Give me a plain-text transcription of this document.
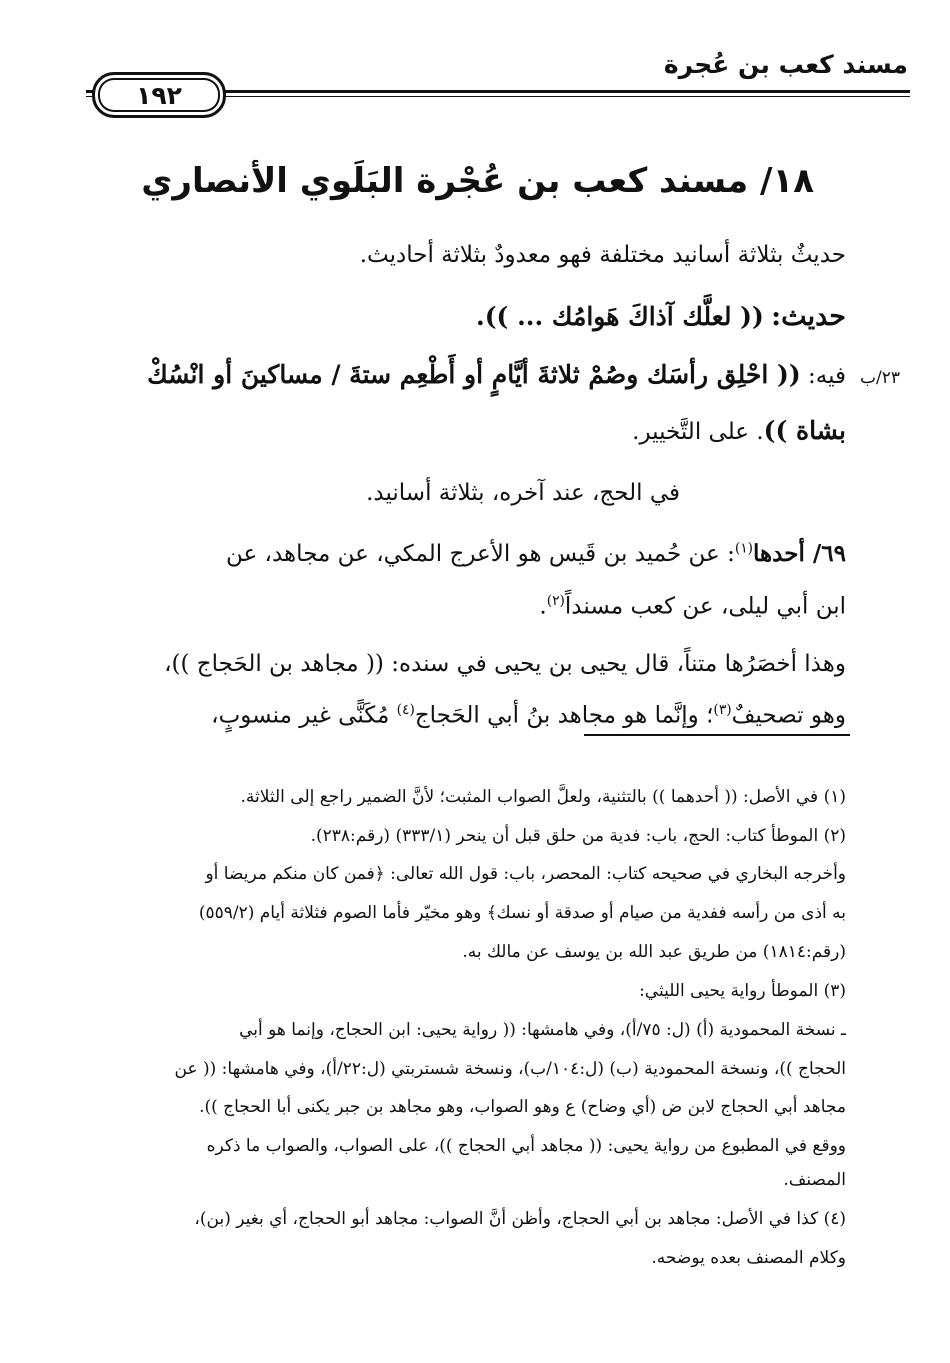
مسند كعب بن عُجرة
١٩٢
١٨/ مسند كعب بن عُجْرة البَلَوي الأنصاري
حديثٌ بثلاثة أسانيد مختلفة فهو معدودٌ بثلاثة أحاديث.
حديث: (( لعلَّك آذاكَ هَوامُك ... )).
٢٣/ب
فيه: (( احْلِق رأسَك وصُمْ ثلاثةَ أيَّامٍ أو أَطْعِم ستةَ / مساكينَ أو انْسُكْ
بشاة )). على التَّخيير.
في الحج، عند آخره، بثلاثة أسانيد.
٦٩/ أحدها$^{(١)}$: عن حُميد بن قَيس هو الأعرج المكي، عن مجاهد، عن
ابن أبي ليلى، عن كعب مسنداً$^{(٢)}$.
وهذا أخصَرُها متناً، قال يحيى بن يحيى في سنده: (( مجاهد بن الحَجاج ))،
وهو تصحيفٌ$^{(٣)}$؛ وإنَّما هو مجاهد بنُ أبي الحَجاج$^{(٤)}$ مُكَنًّى غير منسوبٍ،
(١) في الأصل: (( أحدهما )) بالتثنية، ولعلَّ الصواب المثبت؛ لأنَّ الضمير راجع إلى الثلاثة.
(٢) الموطأ كتاب: الحج، باب: فدية من حلق قبل أن ينحر (٣٣٣/١) (رقم:٢٣٨).
وأخرجه البخاري في صحيحه كتاب: المحصر، باب: قول الله تعالى: ﴿فمن كان منكم مريضا أو
به أذى من رأسه ففدية من صيام أو صدقة أو نسك﴾ وهو مخيّر فأما الصوم فثلاثة أيام (٥٥٩/٢)
(رقم:١٨١٤) من طريق عبد الله بن يوسف عن مالك به.
(٣) الموطأ رواية يحيى الليثي:
ـ نسخة المحمودية (أ) (ل: ٧٥/أ)، وفي هامشها: (( رواية يحيى: ابن الحجاج، وإنما هو أبي
الحجاج ))، ونسخة المحمودية (ب) (ل:١٠٤/ب)، ونسخة شستربتي (ل:٢٢/أ)، وفي هامشها: (( عن
مجاهد أبي الحجاج لابن ض (أي وضاح) ع وهو الصواب، وهو مجاهد بن جبر يكنى أبا الحجاج )).
ووقع في المطبوع من رواية يحيى: (( مجاهد أبي الحجاج ))، على الصواب، والصواب ما ذكره
المصنف.
(٤) كذا في الأصل: مجاهد بن أبي الحجاج، وأظن أنَّ الصواب: مجاهد أبو الحجاج، أي بغير (بن)،
وكلام المصنف بعده يوضحه.
